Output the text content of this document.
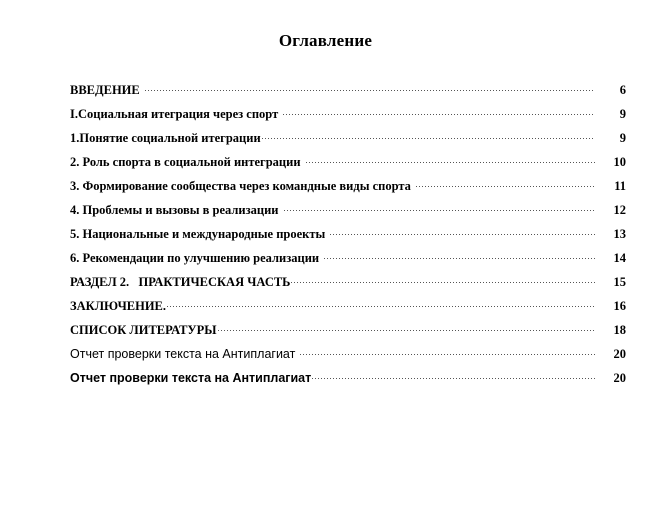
Оглавление
ВВЕДЕНИЕ	6
I.Социальная итеграция через спорт	9
1.Понятие социальной итеграции	9
2. Роль спорта в социальной интеграции	10
3. Формирование сообщества через командные виды спорта	11
4. Проблемы и вызовы в реализации	12
5. Национальные и международные проекты	13
6. Рекомендации по улучшению реализации	14
РАЗДЕЛ 2.   ПРАКТИЧЕСКАЯ ЧАСТЬ	15
ЗАКЛЮЧЕНИЕ.	16
СПИСОК ЛИТЕРАТУРЫ	18
Отчет проверки текста на Антиплагиат	20
Отчет проверки текста на Антиплагиат	20
